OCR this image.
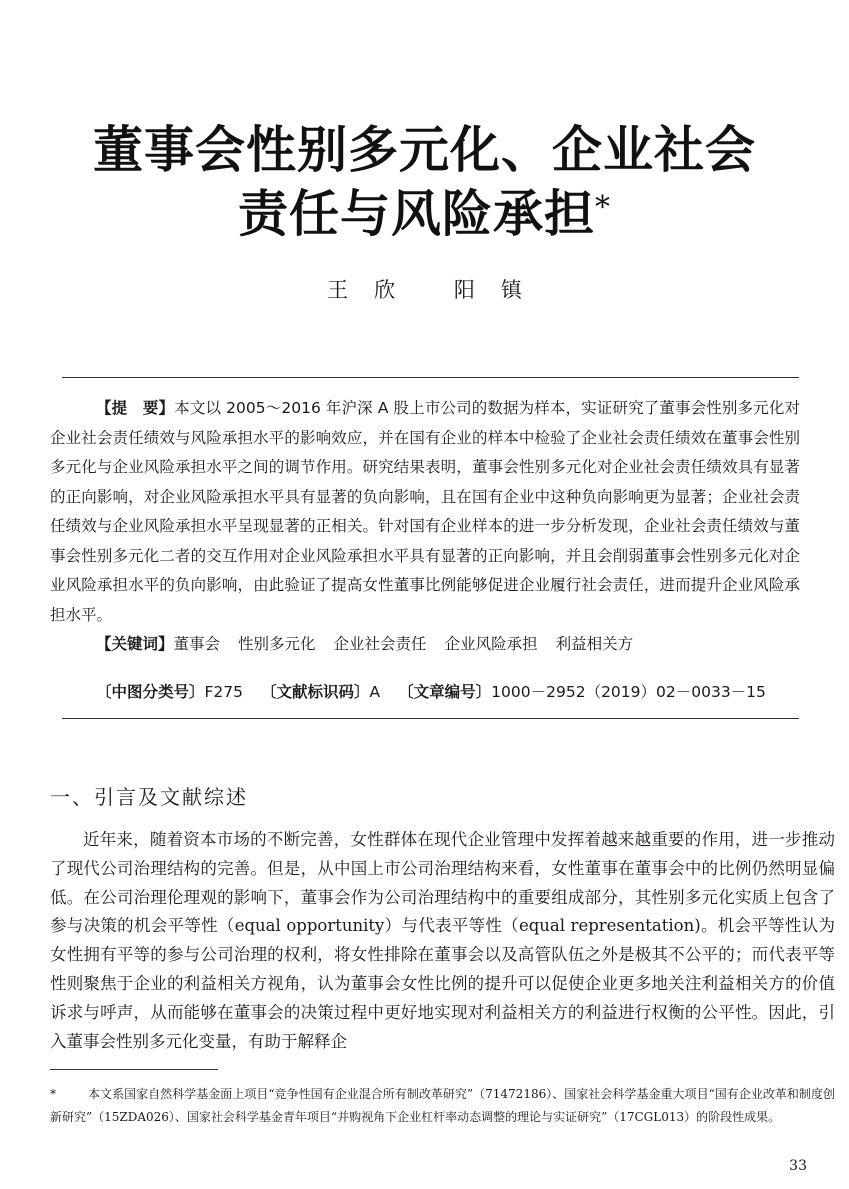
董事会性别多元化、企业社会
责任与风险承担*
王欣 阳镇

【提　要】本文以 2005～2016 年沪深 A 股上市公司的数据为样本，实证研究了董事会性别多元化对企业社会责任绩效与风险承担水平的影响效应，并在国有企业的样本中检验了企业社会责任绩效在董事会性别多元化与企业风险承担水平之间的调节作用。研究结果表明，董事会性别多元化对企业社会责任绩效具有显著的正向影响，对企业风险承担水平具有显著的负向影响，且在国有企业中这种负向影响更为显著；企业社会责任绩效与企业风险承担水平呈现显著的正相关。针对国有企业样本的进一步分析发现，企业社会责任绩效与董事会性别多元化二者的交互作用对企业风险承担水平具有显著的正向影响，并且会削弱董事会性别多元化对企业风险承担水平的负向影响，由此验证了提高女性董事比例能够促进企业履行社会责任，进而提升企业风险承担水平。

【关键词】董事会 性别多元化 企业社会责任 企业风险承担 利益相关方

〔中图分类号〕F275 〔文献标识码〕A 〔文章编号〕1000－2952（2019）02－0033－15
一、引言及文献综述

近年来，随着资本市场的不断完善，女性群体在现代企业管理中发挥着越来越重要的作用，进一步推动了现代公司治理结构的完善。但是，从中国上市公司治理结构来看，女性董事在董事会中的比例仍然明显偏低。在公司治理伦理观的影响下，董事会作为公司治理结构中的重要组成部分，其性别多元化实质上包含了参与决策的机会平等性（equal opportunity）与代表平等性（equal representation)。机会平等性认为女性拥有平等的参与公司治理的权利，将女性排除在董事会以及高管队伍之外是极其不公平的；而代表平等性则聚焦于企业的利益相关方视角，认为董事会女性比例的提升可以促使企业更多地关注利益相关方的价值诉求与呼声，从而能够在董事会的决策过程中更好地实现对利益相关方的利益进行权衡的公平性。因此，引入董事会性别多元化变量，有助于解释企

*	本文系国家自然科学基金面上项目“竞争性国有企业混合所有制改革研究”（71472186）、国家社会科学基金重大项目“国有企业改革和制度创新研究”（15ZDA026）、国家社会科学基金青年项目“并购视角下企业杠杆率动态调整的理论与实证研究”（17CGL013）的阶段性成果。
33
